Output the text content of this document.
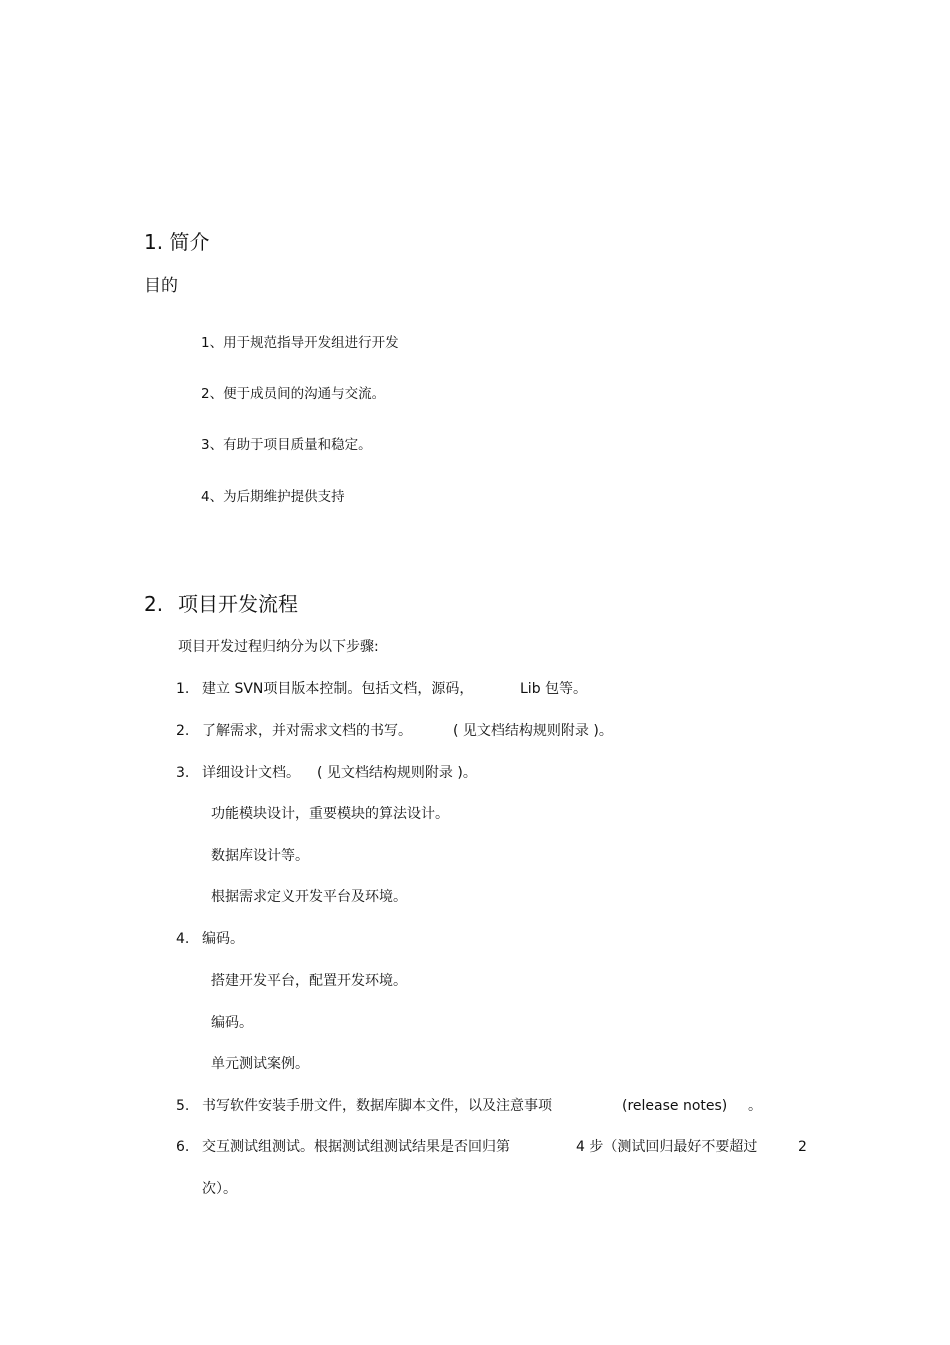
1. 简介
目的
1、用于规范指导开发组进行开发
2、便于成员间的沟通与交流。
3、有助于项目质量和稳定。
4、为后期维护提供支持
2. 项目开发流程
项目开发过程归纳分为以下步骤:
1. 建立 SVN项目版本控制。包括文档，源码，	Lib 包等。
2. 了解需求，并对需求文档的书写。	( 见文档结构规则附录 )。
3. 详细设计文档。 ( 见文档结构规则附录 )。
功能模块设计，重要模块的算法设计。
数据库设计等。
根据需求定义开发平台及环境。
4. 编码。
搭建开发平台，配置开发环境。
编码。
单元测试案例。
5. 书写软件安装手册文件，数据库脚本文件，以及注意事项	(release notes) 。
6. 交互测试组测试。根据测试组测试结果是否回归第	4 步（测试回归最好不要超过	2
次）。
